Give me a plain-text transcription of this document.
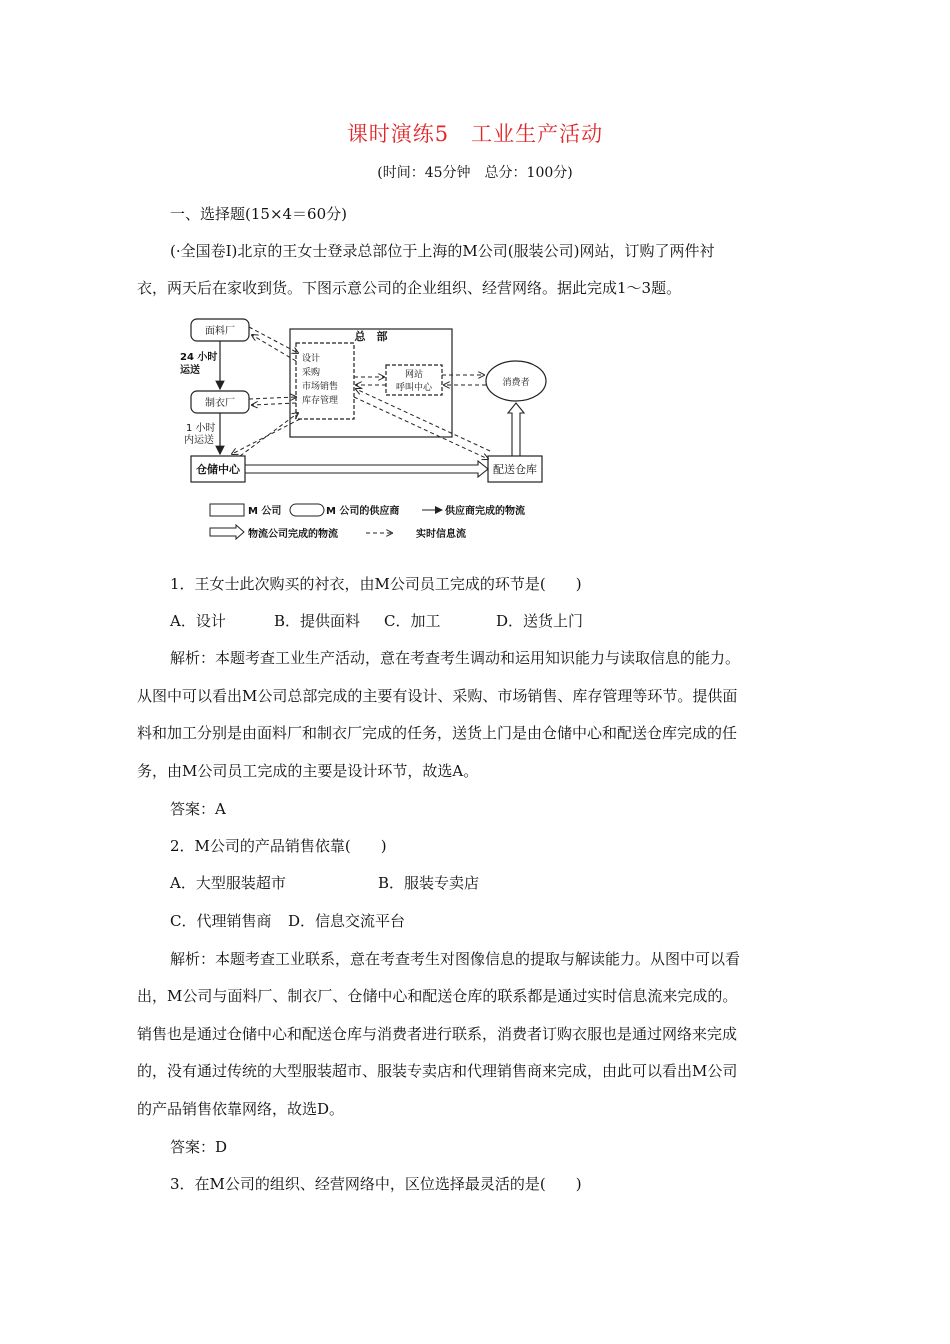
课时演练5　工业生产活动
(时间：45分钟　总分：100分)
一、选择题(15×4＝60分)
(·全国卷Ⅰ)北京的王女士登录总部位于上海的M公司(服装公司)网站，订购了两件衬
衣，两天后在家收到货。下图示意公司的企业组织、经营网络。据此完成1～3题。
面料厂
24 小时
运送
制衣厂
1 小时
内运送
仓储中心
总　部
设计
采购
市场销售
库存管理
网站
呼叫中心	消费者
配送仓库
M 公司	M 公司的供应商	供应商完成的物流
物流公司完成的物流	实时信息流
1．王女士此次购买的衬衣，由M公司员工完成的环节是(　　)
A．设计	B．提供面料 C．加工	D．送货上门
解析：本题考查工业生产活动，意在考查考生调动和运用知识能力与读取信息的能力。
从图中可以看出M公司总部完成的主要有设计、采购、市场销售、库存管理等环节。提供面
料和加工分别是由面料厂和制衣厂完成的任务，送货上门是由仓储中心和配送仓库完成的任
务，由M公司员工完成的主要是设计环节，故选A。
答案：A
2．M公司的产品销售依靠(　　)
A．大型服装超市	B．服装专卖店
C．代理销售商 D．信息交流平台
解析：本题考查工业联系，意在考查考生对图像信息的提取与解读能力。从图中可以看
出，M公司与面料厂、制衣厂、仓储中心和配送仓库的联系都是通过实时信息流来完成的。
销售也是通过仓储中心和配送仓库与消费者进行联系，消费者订购衣服也是通过网络来完成
的，没有通过传统的大型服装超市、服装专卖店和代理销售商来完成，由此可以看出M公司
的产品销售依靠网络，故选D。
答案：D
3．在M公司的组织、经营网络中，区位选择最灵活的是(　　)
